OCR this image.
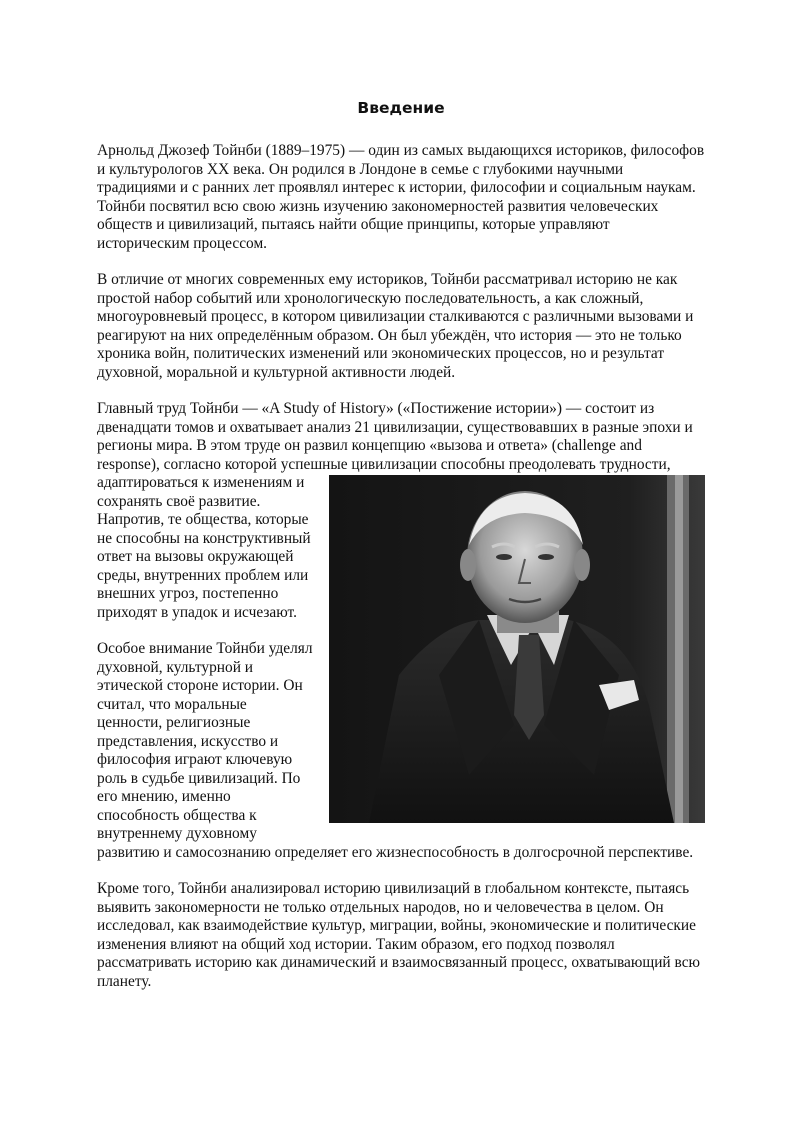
Введение

Арнольд Джозеф Тойнби (1889–1975) — один из самых выдающихся историков, философов и культурологов XX века. Он родился в Лондоне в семье с глубокими научными традициями и с ранних лет проявлял интерес к истории, философии и социальным наукам. Тойнби посвятил всю свою жизнь изучению закономерностей развития человеческих обществ и цивилизаций, пытаясь найти общие принципы, которые управляют историческим процессом.

В отличие от многих современных ему историков, Тойнби рассматривал историю не как простой набор событий или хронологическую последовательность, а как сложный, многоуровневый процесс, в котором цивилизации сталкиваются с различными вызовами и реагируют на них определённым образом. Он был убеждён, что история — это не только хроника войн, политических изменений или экономических процессов, но и результат духовной, моральной и культурной активности людей.

Главный труд Тойнби — «A Study of History» («Постижение истории») — состоит из двенадцати томов и охватывает анализ 21 цивилизации, существовавших в разные эпохи и регионы мира. В этом труде он развил концепцию «вызова и ответа» (challenge and response), согласно которой успешные цивилизации способны преодолевать трудности, адаптироваться к изменениям и сохранять своё развитие. Напротив, те общества, которые не способны на конструктивный ответ на вызовы окружающей среды, внутренних проблем или внешних угроз, постепенно приходят в упадок и исчезают.

Особое внимание Тойнби уделял духовной, культурной и этической стороне истории. Он считал, что моральные ценности, религиозные представления, искусство и философия играют ключевую роль в судьбе цивилизаций. По его мнению, именно способность общества к внутреннему духовному развитию и самосознанию определяет его жизнеспособность в долгосрочной перспективе.

Кроме того, Тойнби анализировал историю цивилизаций в глобальном контексте, пытаясь выявить закономерности не только отдельных народов, но и человечества в целом. Он исследовал, как взаимодействие культур, миграции, войны, экономические и политические изменения влияют на общий ход истории. Таким образом, его подход позволял рассматривать историю как динамический и взаимосвязанный процесс, охватывающий всю планету.
